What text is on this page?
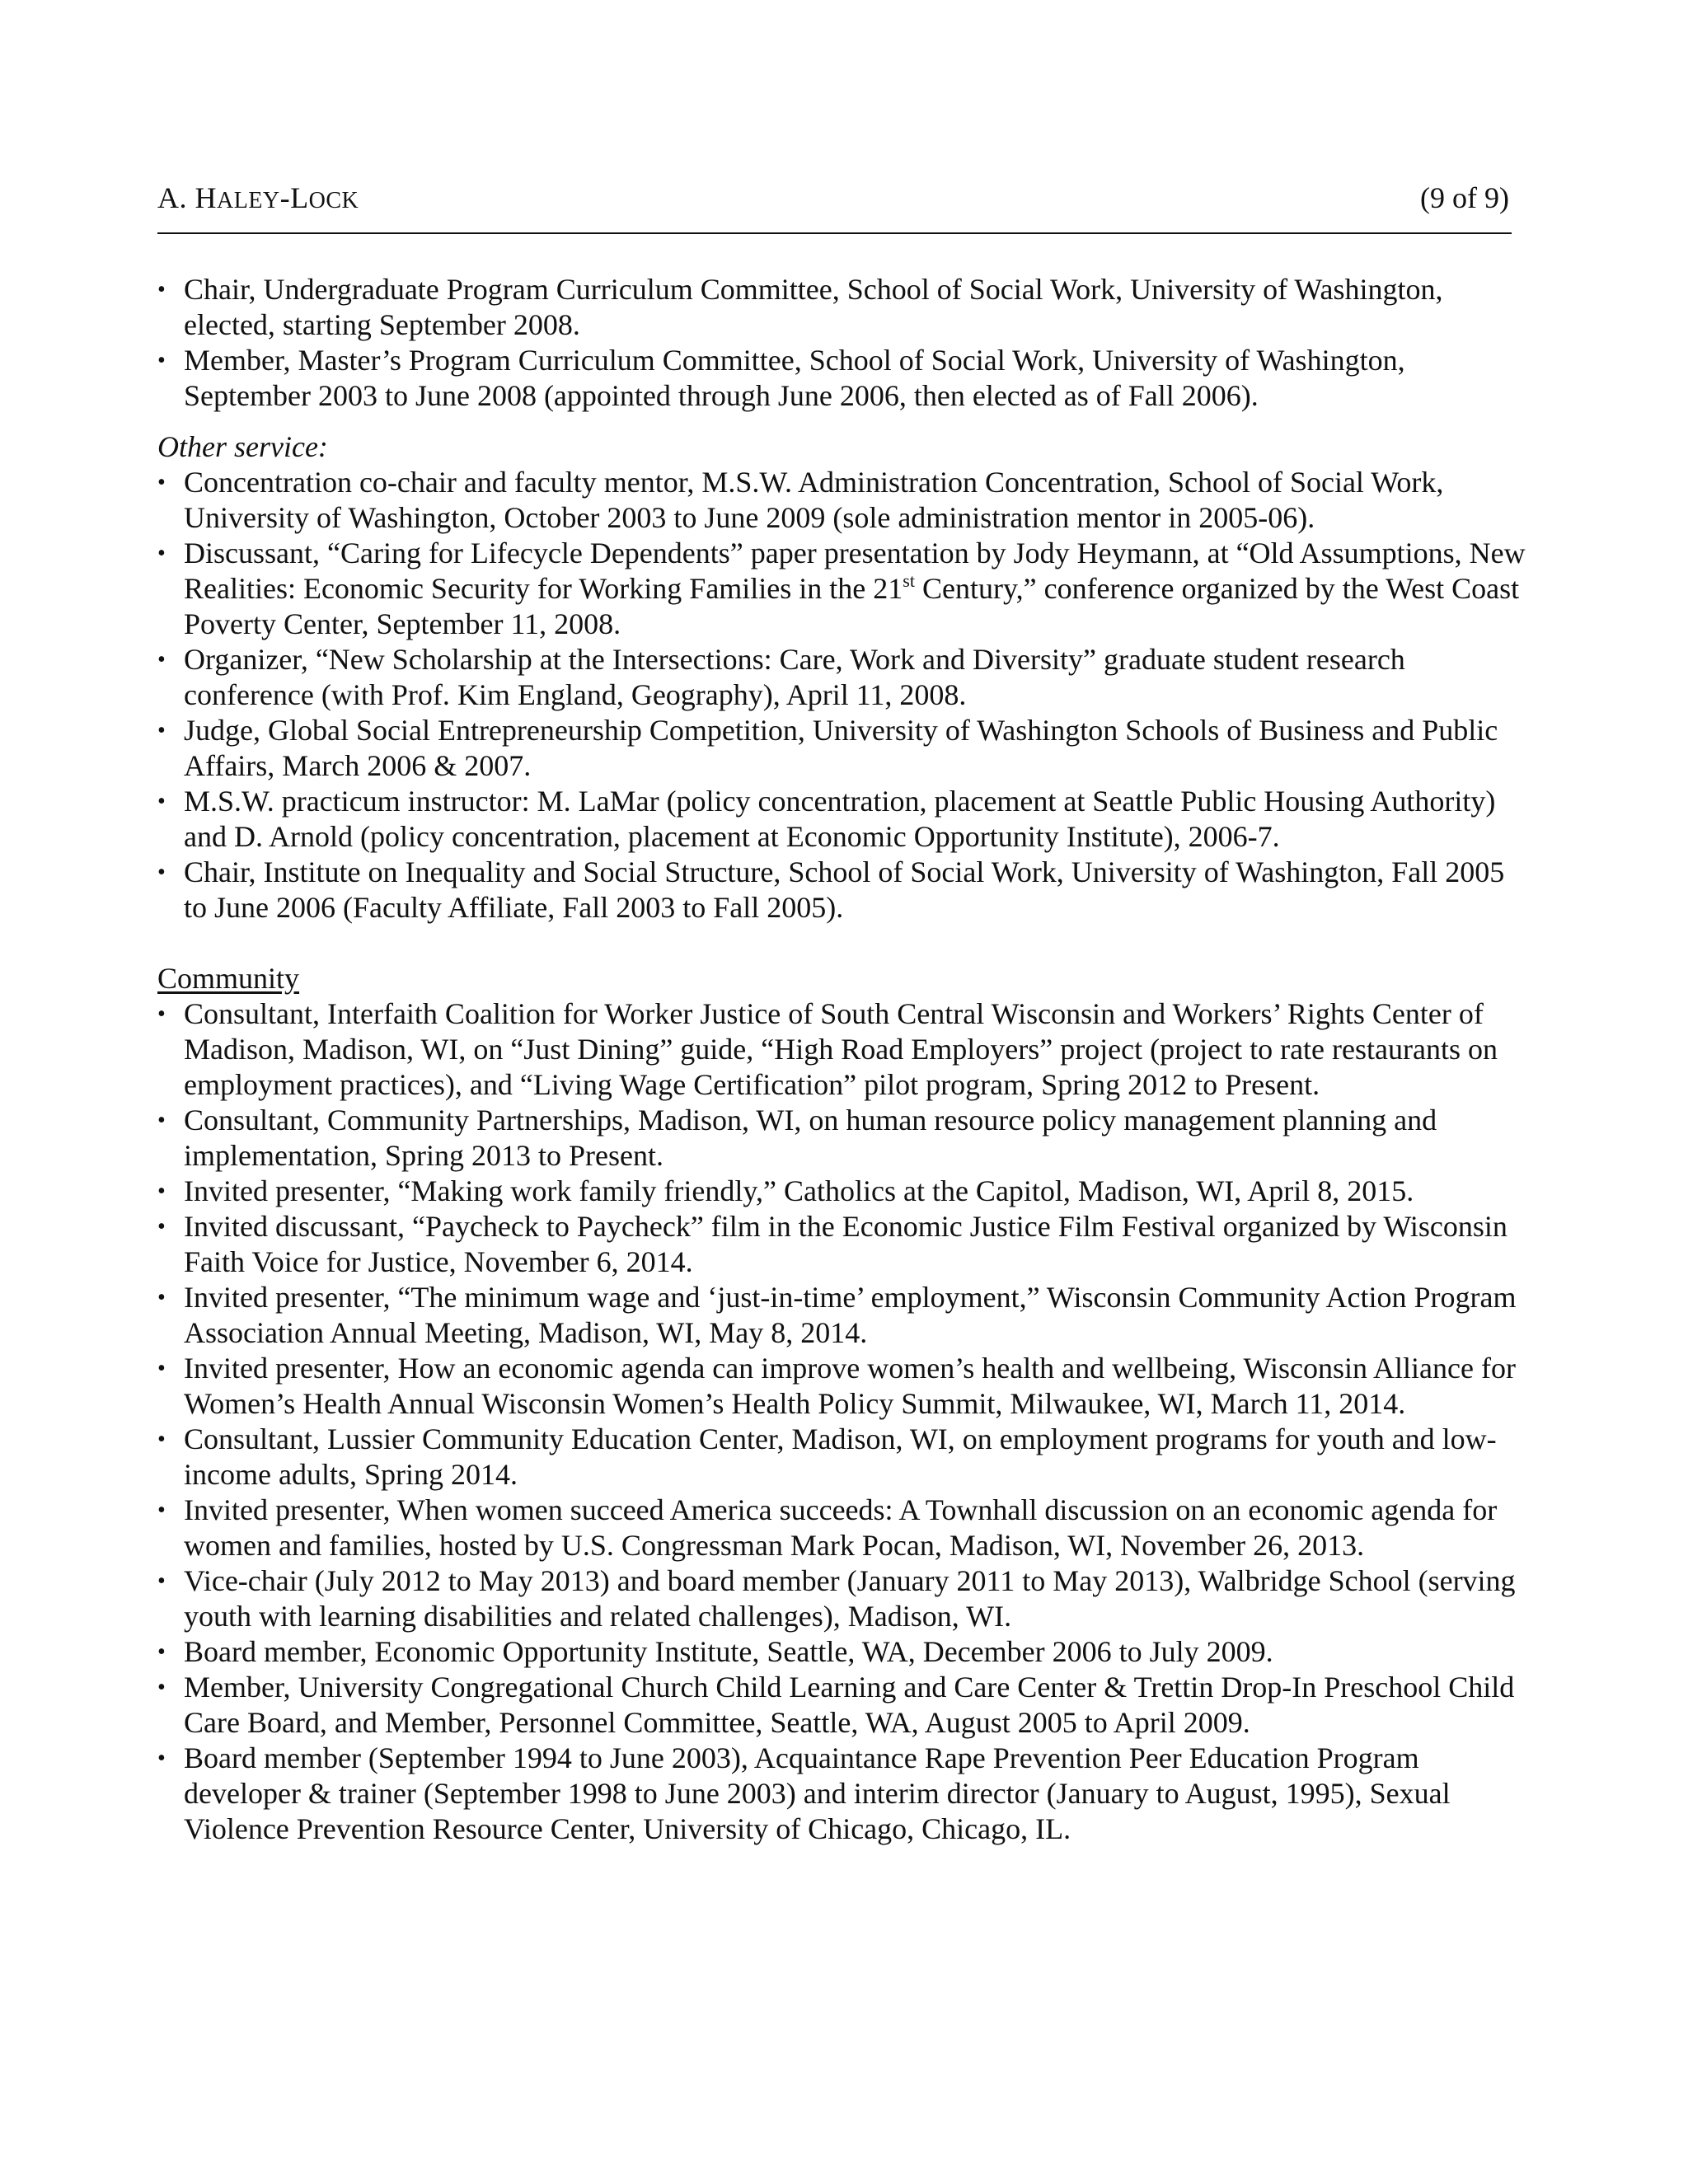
A. HALEY-LOCK	(9 of 9)
• Chair, Undergraduate Program Curriculum Committee, School of Social Work, University of Washington, elected, starting September 2008.
• Member, Master’s Program Curriculum Committee, School of Social Work, University of Washington, September 2003 to June 2008 (appointed through June 2006, then elected as of Fall 2006).
Other service:
• Concentration co-chair and faculty mentor, M.S.W. Administration Concentration, School of Social Work, University of Washington, October 2003 to June 2009 (sole administration mentor in 2005-06).
• Discussant, “Caring for Lifecycle Dependents” paper presentation by Jody Heymann, at “Old Assumptions, New Realities: Economic Security for Working Families in the 21st Century,” conference organized by the West Coast Poverty Center, September 11, 2008.
• Organizer, “New Scholarship at the Intersections: Care, Work and Diversity” graduate student research conference (with Prof. Kim England, Geography), April 11, 2008.
• Judge, Global Social Entrepreneurship Competition, University of Washington Schools of Business and Public Affairs, March 2006 & 2007.
• M.S.W. practicum instructor: M. LaMar (policy concentration, placement at Seattle Public Housing Authority) and D. Arnold (policy concentration, placement at Economic Opportunity Institute), 2006-7.
• Chair, Institute on Inequality and Social Structure, School of Social Work, University of Washington, Fall 2005 to June 2006 (Faculty Affiliate, Fall 2003 to Fall 2005).
Community
• Consultant, Interfaith Coalition for Worker Justice of South Central Wisconsin and Workers’ Rights Center of Madison, Madison, WI, on “Just Dining” guide, “High Road Employers” project (project to rate restaurants on employment practices), and “Living Wage Certification” pilot program, Spring 2012 to Present.
• Consultant, Community Partnerships, Madison, WI, on human resource policy management planning and implementation, Spring 2013 to Present.
• Invited presenter, “Making work family friendly,” Catholics at the Capitol, Madison, WI, April 8, 2015.
• Invited discussant, “Paycheck to Paycheck” film in the Economic Justice Film Festival organized by Wisconsin Faith Voice for Justice, November 6, 2014.
• Invited presenter, “The minimum wage and ‘just-in-time’ employment,” Wisconsin Community Action Program Association Annual Meeting, Madison, WI, May 8, 2014.
• Invited presenter, How an economic agenda can improve women’s health and wellbeing, Wisconsin Alliance for Women’s Health Annual Wisconsin Women’s Health Policy Summit, Milwaukee, WI, March 11, 2014.
• Consultant, Lussier Community Education Center, Madison, WI, on employment programs for youth and low-income adults, Spring 2014.
• Invited presenter, When women succeed America succeeds: A Townhall discussion on an economic agenda for women and families, hosted by U.S. Congressman Mark Pocan, Madison, WI, November 26, 2013.
• Vice-chair (July 2012 to May 2013) and board member (January 2011 to May 2013), Walbridge School (serving youth with learning disabilities and related challenges), Madison, WI.
• Board member, Economic Opportunity Institute, Seattle, WA, December 2006 to July 2009.
• Member, University Congregational Church Child Learning and Care Center & Trettin Drop-In Preschool Child Care Board, and Member, Personnel Committee, Seattle, WA, August 2005 to April 2009.
• Board member (September 1994 to June 2003), Acquaintance Rape Prevention Peer Education Program developer & trainer (September 1998 to June 2003) and interim director (January to August, 1995), Sexual Violence Prevention Resource Center, University of Chicago, Chicago, IL.
